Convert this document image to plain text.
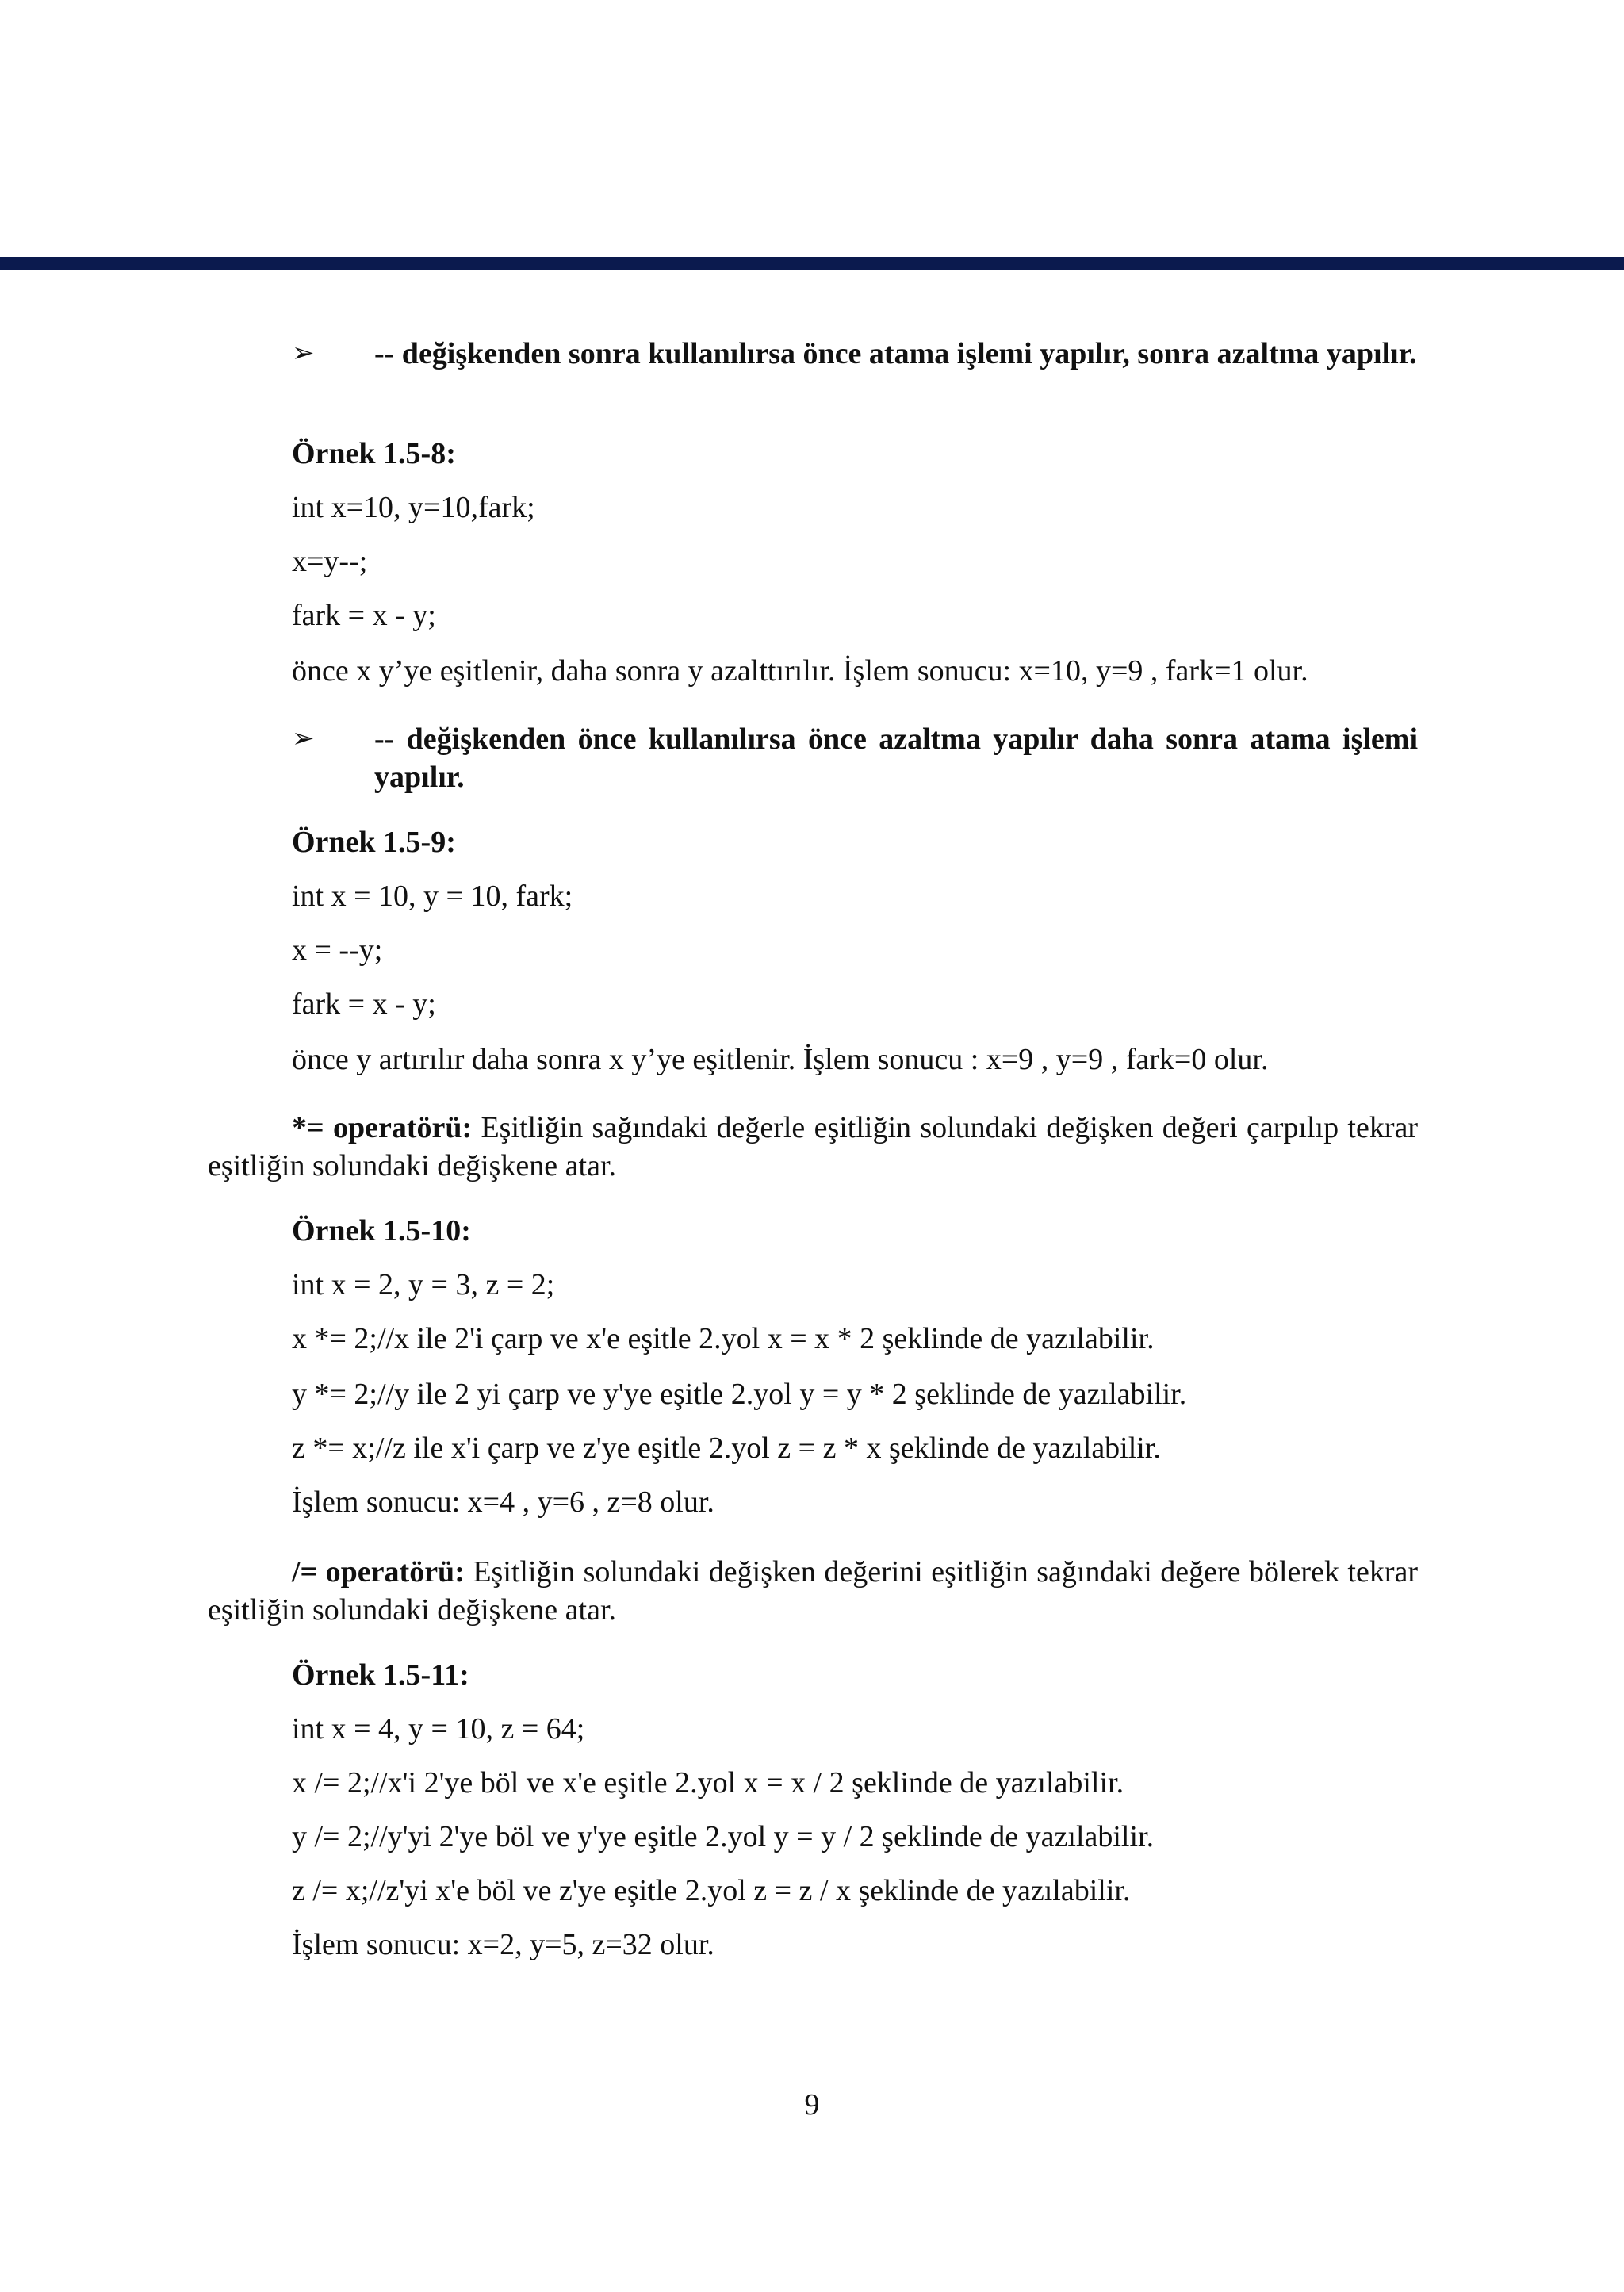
➢ -- değişkenden sonra kullanılırsa önce atama işlemi yapılır, sonra azaltma yapılır.
Örnek 1.5-8:
int x=10, y=10,fark;
x=y--;
fark = x - y;
önce x y’ye eşitlenir, daha sonra y azalttırılır. İşlem sonucu: x=10, y=9 , fark=1 olur.
➢ -- değişkenden önce kullanılırsa önce azaltma yapılır daha sonra atama işlemi yapılır.
Örnek 1.5-9:
int x = 10, y = 10, fark;
x = --y;
fark = x - y;
önce y artırılır daha sonra x y’ye eşitlenir. İşlem sonucu : x=9 , y=9 , fark=0 olur.
*= operatörü: Eşitliğin sağındaki değerle eşitliğin solundaki değişken değeri çarpılıp tekrar eşitliğin solundaki değişkene atar.
Örnek 1.5-10:
int x = 2, y = 3, z = 2;
x *= 2;//x ile 2'i çarp ve x'e eşitle 2.yol x = x * 2 şeklinde de yazılabilir.
y *= 2;//y ile 2 yi çarp ve y'ye eşitle 2.yol y = y * 2 şeklinde de yazılabilir.
z *= x;//z ile x'i çarp ve z'ye eşitle 2.yol z = z * x şeklinde de yazılabilir.
İşlem sonucu: x=4 , y=6 , z=8 olur.
/= operatörü: Eşitliğin solundaki değişken değerini eşitliğin sağındaki değere bölerek tekrar eşitliğin solundaki değişkene atar.
Örnek 1.5-11:
int x = 4, y = 10, z = 64;
x /= 2;//x'i 2'ye böl ve x'e eşitle 2.yol x = x / 2 şeklinde de yazılabilir.
y /= 2;//y'yi 2'ye böl ve y'ye eşitle 2.yol y = y / 2 şeklinde de yazılabilir.
z /= x;//z'yi x'e böl ve z'ye eşitle 2.yol z = z / x şeklinde de yazılabilir.
İşlem sonucu: x=2, y=5, z=32 olur.
9
